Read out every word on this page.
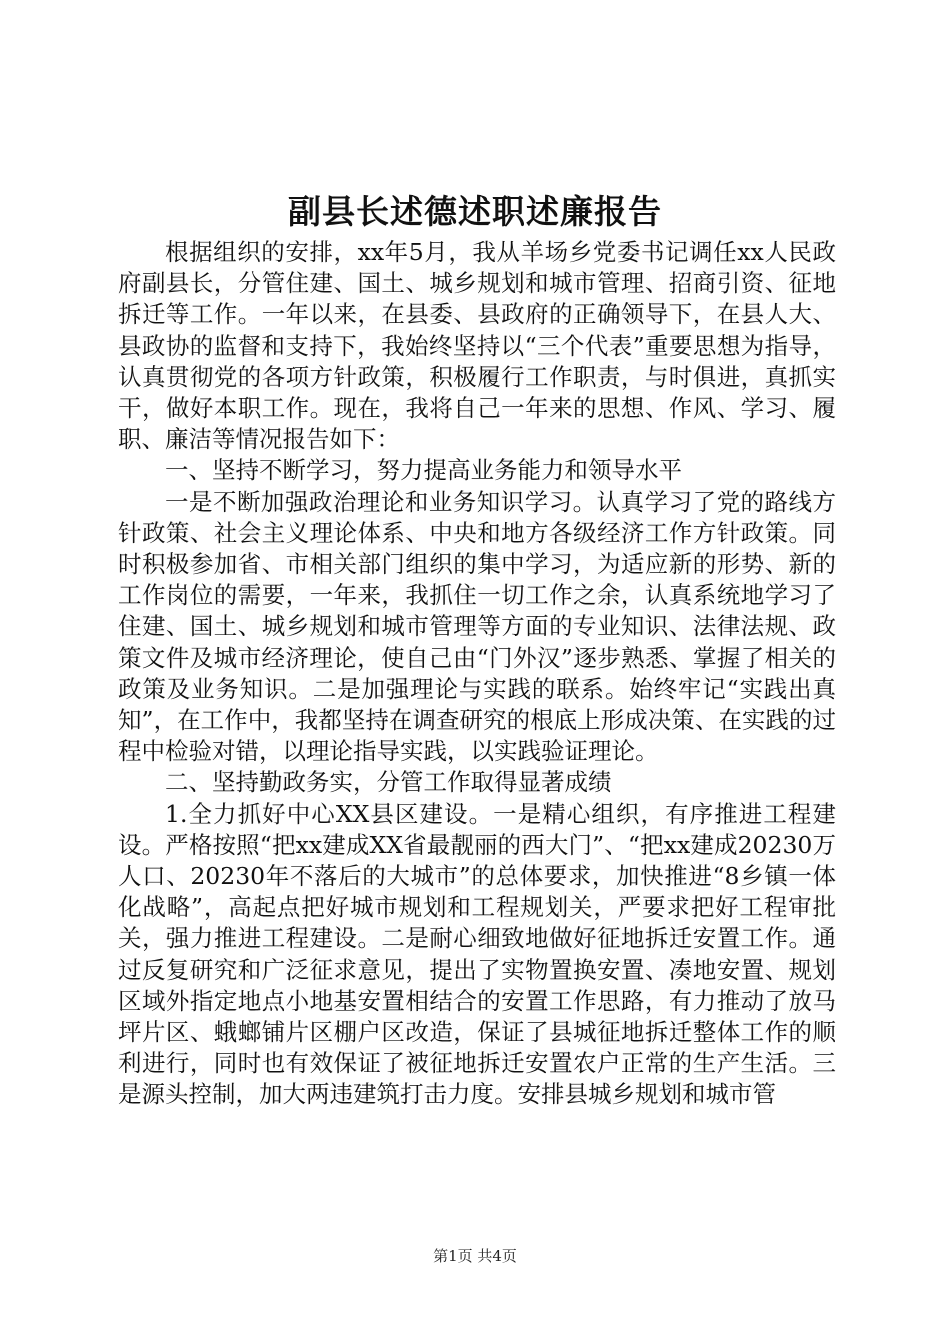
副县长述德述职述廉报告

根据组织的安排，xx年5月，我从羊场乡党委书记调任xx人民政府副县长，分管住建、国土、城乡规划和城市管理、招商引资、征地拆迁等工作。一年以来，在县委、县政府的正确领导下，在县人大、县政协的监督和支持下，我始终坚持以“三个代表”重要思想为指导，认真贯彻党的各项方针政策，积极履行工作职责，与时俱进，真抓实干，做好本职工作。现在，我将自己一年来的思想、作风、学习、履职、廉洁等情况报告如下：

一、坚持不断学习，努力提高业务能力和领导水平

一是不断加强政治理论和业务知识学习。认真学习了党的路线方针政策、社会主义理论体系、中央和地方各级经济工作方针政策。同时积极参加省、市相关部门组织的集中学习，为适应新的形势、新的工作岗位的需要，一年来，我抓住一切工作之余，认真系统地学习了住建、国土、城乡规划和城市管理等方面的专业知识、法律法规、政策文件及城市经济理论，使自己由“门外汉”逐步熟悉、掌握了相关的政策及业务知识。二是加强理论与实践的联系。始终牢记“实践出真知”，在工作中，我都坚持在调查研究的根底上形成决策、在实践的过程中检验对错，以理论指导实践，以实践验证理论。

二、坚持勤政务实，分管工作取得显著成绩

1.全力抓好中心XX县区建设。一是精心组织，有序推进工程建设。严格按照“把xx建成XX省最靓丽的西大门”、“把xx建成20230万人口、20230年不落后的大城市”的总体要求，加快推进“8乡镇一体化战略”，高起点把好城市规划和工程规划关，严要求把好工程审批关，强力推进工程建设。二是耐心细致地做好征地拆迁安置工作。通过反复研究和广泛征求意见，提出了实物置换安置、凑地安置、规划区域外指定地点小地基安置相结合的安置工作思路，有力推动了放马坪片区、蛾螂铺片区棚户区改造，保证了县城征地拆迁整体工作的顺利进行，同时也有效保证了被征地拆迁安置农户正常的生产生活。三是源头控制，加大两违建筑打击力度。安排县城乡规划和城市管

第1页 共4页
